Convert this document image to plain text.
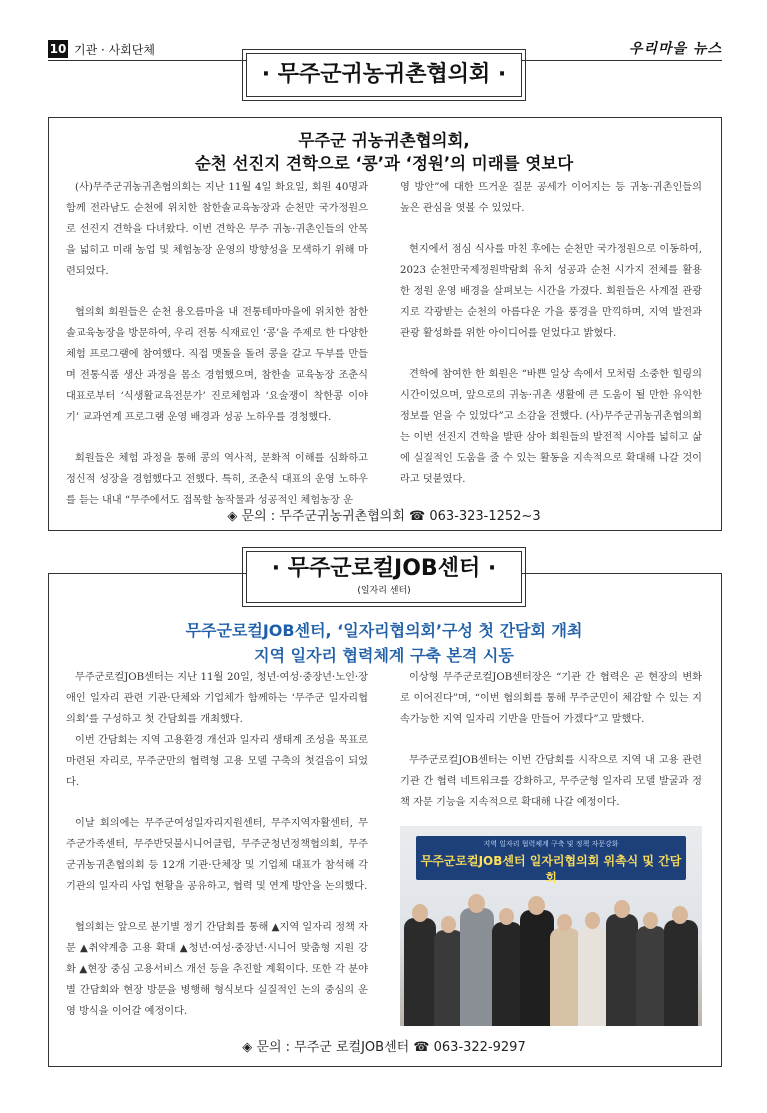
10 기관 · 사회단체	우리마을 뉴스
· 무주군귀농귀촌협의회 ·
무주군 귀농귀촌협의회,
순천 선진지 견학으로 ‘콩’과 ‘정원’의 미래를 엿보다

(사)무주군귀농귀촌협의회는 지난 11월 4일 화요일, 회원 40명과 함께 전라남도 순천에 위치한 참한솔교육농장과 순천만 국가정원으로 선진지 견학을 다녀왔다. 이번 견학은 무주 귀농·귀촌인들의 안목을 넓히고 미래 농업 및 체험농장 운영의 방향성을 모색하기 위해 마련되었다.

협의회 회원들은 순천 용오름마을 내 전통테마마을에 위치한 참한솔교육농장을 방문하여, 우리 전통 식재료인 ‘콩’을 주제로 한 다양한 체험 프로그램에 참여했다. 직접 맷돌을 돌려 콩을 갈고 두부를 만들며 전통식품 생산 과정을 몸소 경험했으며, 참한솔 교육농장 조춘식 대표로부터 ‘식생활교육전문가’ 진로체험과 ‘요술쟁이 착한콩 이야기’ 교과연계 프로그램 운영 배경과 성공 노하우를 경청했다.

회원들은 체험 과정을 통해 콩의 역사적, 문화적 이해를 심화하고 정신적 성장을 경험했다고 전했다. 특히, 조춘식 대표의 운영 노하우를 듣는 내내 “무주에서도 접목할 농작물과 성공적인 체험농장 운

영 방안”에 대한 뜨거운 질문 공세가 이어지는 등 귀농·귀촌인들의 높은 관심을 엿볼 수 있었다.

현지에서 점심 식사를 마친 후에는 순천만 국가정원으로 이동하여, 2023 순천만국제정원박람회 유치 성공과 순천 시가지 전체를 활용한 정원 운영 배경을 살펴보는 시간을 가졌다. 회원들은 사계절 관광지로 각광받는 순천의 아름다운 가을 풍경을 만끽하며, 지역 발전과 관광 활성화를 위한 아이디어를 얻었다고 밝혔다.

견학에 참여한 한 회원은 “바쁜 일상 속에서 모처럼 소중한 힐링의 시간이었으며, 앞으로의 귀농·귀촌 생활에 큰 도움이 될 만한 유익한 정보를 얻을 수 있었다”고 소감을 전했다. (사)무주군귀농귀촌협의회는 이번 선진지 견학을 발판 삼아 회원들의 발전적 시야를 넓히고 삶에 실질적인 도움을 줄 수 있는 활동을 지속적으로 확대해 나갈 것이라고 덧붙였다.

◈ 문의 : 무주군귀농귀촌협의회 ☎ 063-323-1252~3
· 무주군로컬JOB센터 ·
(일자리 센터)
무주군로컬JOB센터, ‘일자리협의회’구성 첫 간담회 개최
지역 일자리 협력체계 구축 본격 시동

무주군로컬JOB센터는 지난 11월 20일, 청년·여성·중장년·노인·장애인 일자리 관련 기관·단체와 기업체가 함께하는 ‘무주군 일자리협의회’를 구성하고 첫 간담회를 개최했다.

이번 간담회는 지역 고용환경 개선과 일자리 생태계 조성을 목표로 마련된 자리로, 무주군만의 협력형 고용 모델 구축의 첫걸음이 되었다.

이날 회의에는 무주군여성일자리지원센터, 무주지역자활센터, 무주군가족센터, 무주반딧불시니어클럽, 무주군청년정책협의회, 무주군귀농귀촌협의회 등 12개 기관·단체장 및 기업체 대표가 참석해 각 기관의 일자리 사업 현황을 공유하고, 협력 및 연계 방안을 논의했다.

협의회는 앞으로 분기별 정기 간담회를 통해 ▲지역 일자리 정책 자문 ▲취약계층 고용 확대 ▲청년·여성·중장년·시니어 맞춤형 지원 강화 ▲현장 중심 고용서비스 개선 등을 추진할 계획이다. 또한 각 분야별 간담회와 현장 방문을 병행해 형식보다 실질적인 논의 중심의 운영 방식을 이어갈 예정이다.

이상형 무주군로컬JOB센터장은 “기관 간 협력은 곧 현장의 변화로 이어진다”며, “이번 협의회를 통해 무주군민이 체감할 수 있는 지속가능한 지역 일자리 기반을 만들어 가겠다”고 말했다.

무주군로컬JOB센터는 이번 간담회를 시작으로 지역 내 고용 관련 기관 간 협력 네트워크를 강화하고, 무주군형 일자리 모델 발굴과 정책 자문 기능을 지속적으로 확대해 나갈 예정이다.

지역 일자리 협력체계 구축 및 정책 자문강화
무주군로컬JOB센터 일자리협의회 위촉식 및 간담회
◈ 문의 : 무주군 로컬JOB센터 ☎ 063-322-9297
